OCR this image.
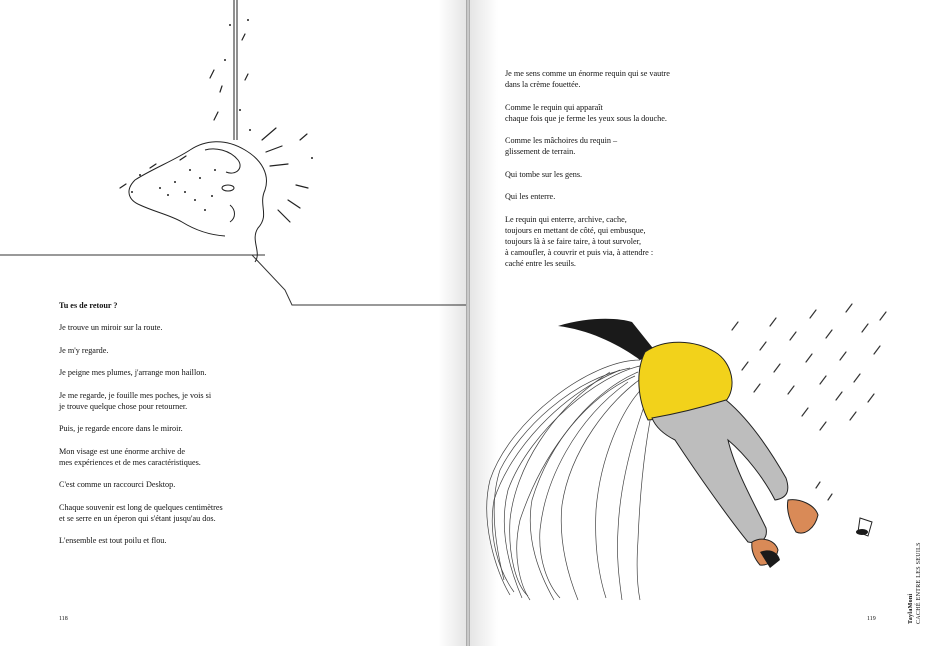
Tu es de retour ?

Je trouve un miroir sur la route.

Je m'y regarde.

Je peigne mes plumes, j'arrange mon haillon.

Je me regarde, je fouille mes poches, je vois si
je trouve quelque chose pour retourner.

Puis, je regarde encore dans le miroir.

Mon visage est une énorme archive de
mes expériences et de mes caractéristiques.

C'est comme un raccourci Desktop.

Chaque souvenir est long de quelques centimètres
et se serre en un éperon qui s'étant jusqu'au dos.

L'ensemble est tout poilu et flou.

118

Je me sens comme un énorme requin qui se vautre
dans la crème fouettée.

Comme le requin qui apparaît
chaque fois que je ferme les yeux sous la douche.

Comme les mâchoires du requin –
glissement de terrain.

Qui tombe sur les gens.

Qui les enterre.

Le requin qui enterre, archive, cache,
toujours en mettant de côté, qui embusque,
toujours là à se faire taire, à tout survoler,
à camoufler, à couvrir et puis via, à attendre :
caché entre les seuils.

119	TaylaMoni CACHÉ ENTRE LES SEUILS
